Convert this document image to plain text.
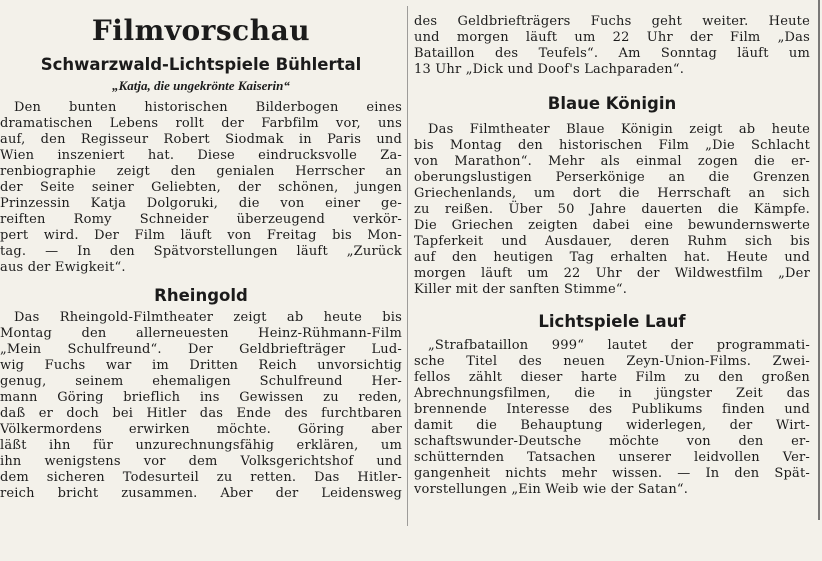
Filmvorschau
Schwarzwald-Lichtspiele Bühlertal
„Katja, die ungekrönte Kaiserin“

Den bunten historischen Bilderbogen eines

dramatischen Lebens rollt der Farbfilm vor, uns

auf, den Regisseur Robert Siodmak in Paris und

Wien inszeniert hat. Diese eindrucksvolle Za-

renbiographie zeigt den genialen Herrscher an

der Seite seiner Geliebten, der schönen, jungen

Prinzessin Katja Dolgoruki, die von einer ge-

reiften Romy Schneider überzeugend verkör-

pert wird. Der Film läuft von Freitag bis Mon-

tag. — In den Spätvorstellungen läuft „Zurück

aus der Ewigkeit“.

Rheingold

Das Rheingold-Filmtheater zeigt ab heute bis

Montag den allerneuesten Heinz-Rühmann-Film

„Mein Schulfreund“. Der Geldbriefträger Lud-

wig Fuchs war im Dritten Reich unvorsichtig

genug, seinem ehemaligen Schulfreund Her-

mann Göring brieflich ins Gewissen zu reden,

daß er doch bei Hitler das Ende des furchtbaren

Völkermordens erwirken möchte. Göring aber

läßt ihn für unzurechnungsfähig erklären, um

ihn wenigstens vor dem Volksgerichtshof und

dem sicheren Todesurteil zu retten. Das Hitler-

reich bricht zusammen. Aber der Leidensweg

des Geldbriefträgers Fuchs geht weiter. Heute

und morgen läuft um 22 Uhr der Film „Das

Bataillon des Teufels“. Am Sonntag läuft um

13 Uhr „Dick und Doof's Lachparaden“.

Blaue Königin

Das Filmtheater Blaue Königin zeigt ab heute

bis Montag den historischen Film „Die Schlacht

von Marathon“. Mehr als einmal zogen die er-

oberungslustigen Perserkönige an die Grenzen

Griechenlands, um dort die Herrschaft an sich

zu reißen. Über 50 Jahre dauerten die Kämpfe.

Die Griechen zeigten dabei eine bewundernswerte

Tapferkeit und Ausdauer, deren Ruhm sich bis

auf den heutigen Tag erhalten hat. Heute und

morgen läuft um 22 Uhr der Wildwestfilm „Der

Killer mit der sanften Stimme“.

Lichtspiele Lauf

„Strafbataillon 999“ lautet der programmati-

sche Titel des neuen Zeyn-Union-Films. Zwei-

fellos zählt dieser harte Film zu den großen

Abrechnungsfilmen, die in jüngster Zeit das

brennende Interesse des Publikums finden und

damit die Behauptung widerlegen, der Wirt-

schaftswunder-Deutsche möchte von den er-

schütternden Tatsachen unserer leidvollen Ver-

gangenheit nichts mehr wissen. — In den Spät-

vorstellungen „Ein Weib wie der Satan“.
